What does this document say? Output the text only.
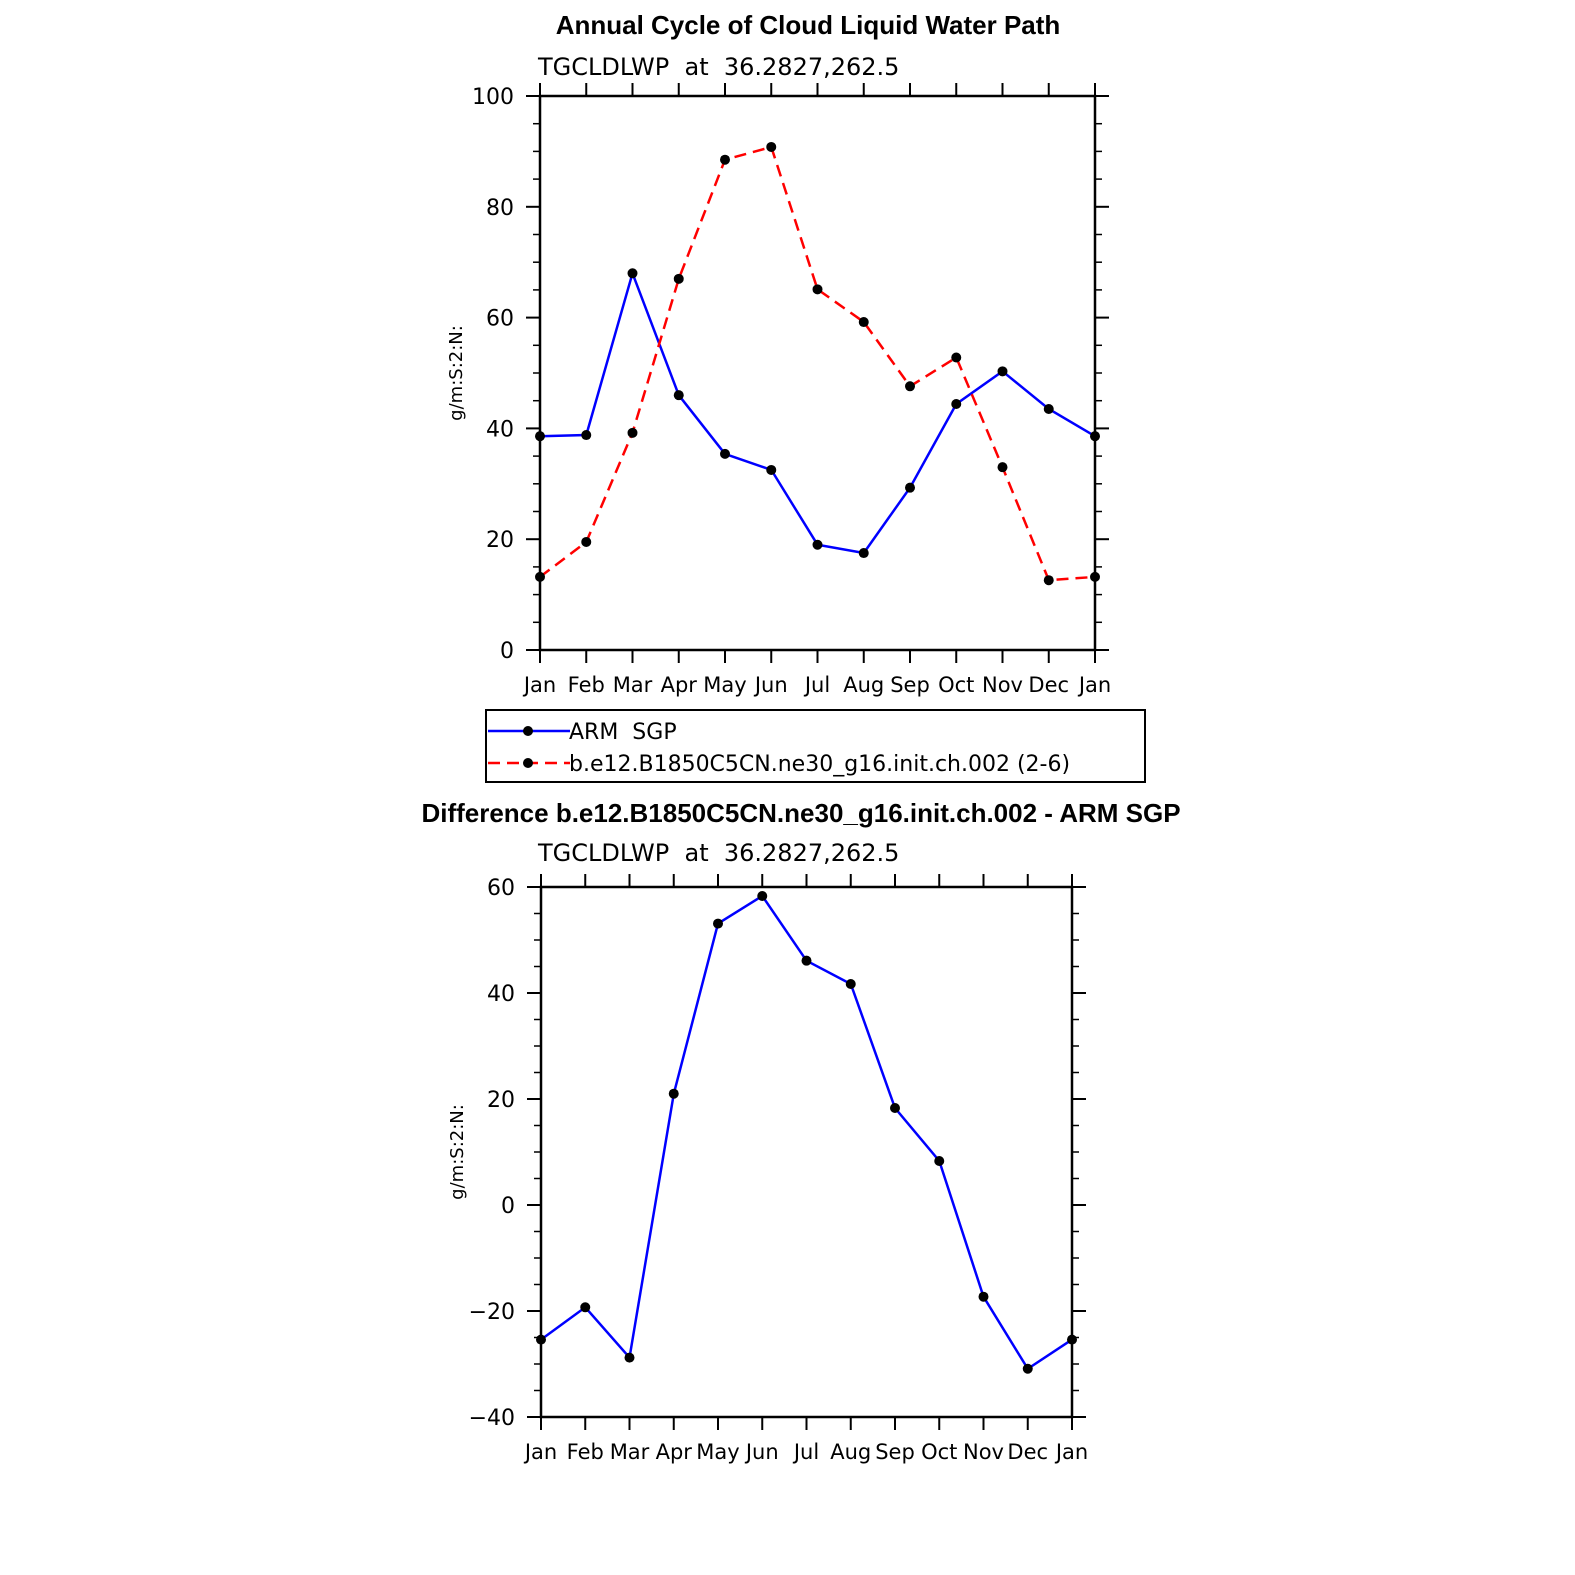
Annual Cycle of Cloud Liquid Water Path
TGCLDLWP  at  36.2827,262.5
Jan Feb Mar Apr May Jun Jul Aug Sep Oct Nov Dec Jan
0
20
40
60
80
100
g/m:S:2:N:
ARM  SGP
b.e12.B1850C5CN.ne30_g16.init.ch.002 (2-6)
Difference b.e12.B1850C5CN.ne30_g16.init.ch.002 - ARM SGP
TGCLDLWP  at  36.2827,262.5
Jan Feb Mar Apr May Jun Jul Aug Sep Oct Nov Dec Jan
−40
−20
0
20
40
60
g/m:S:2:N:
